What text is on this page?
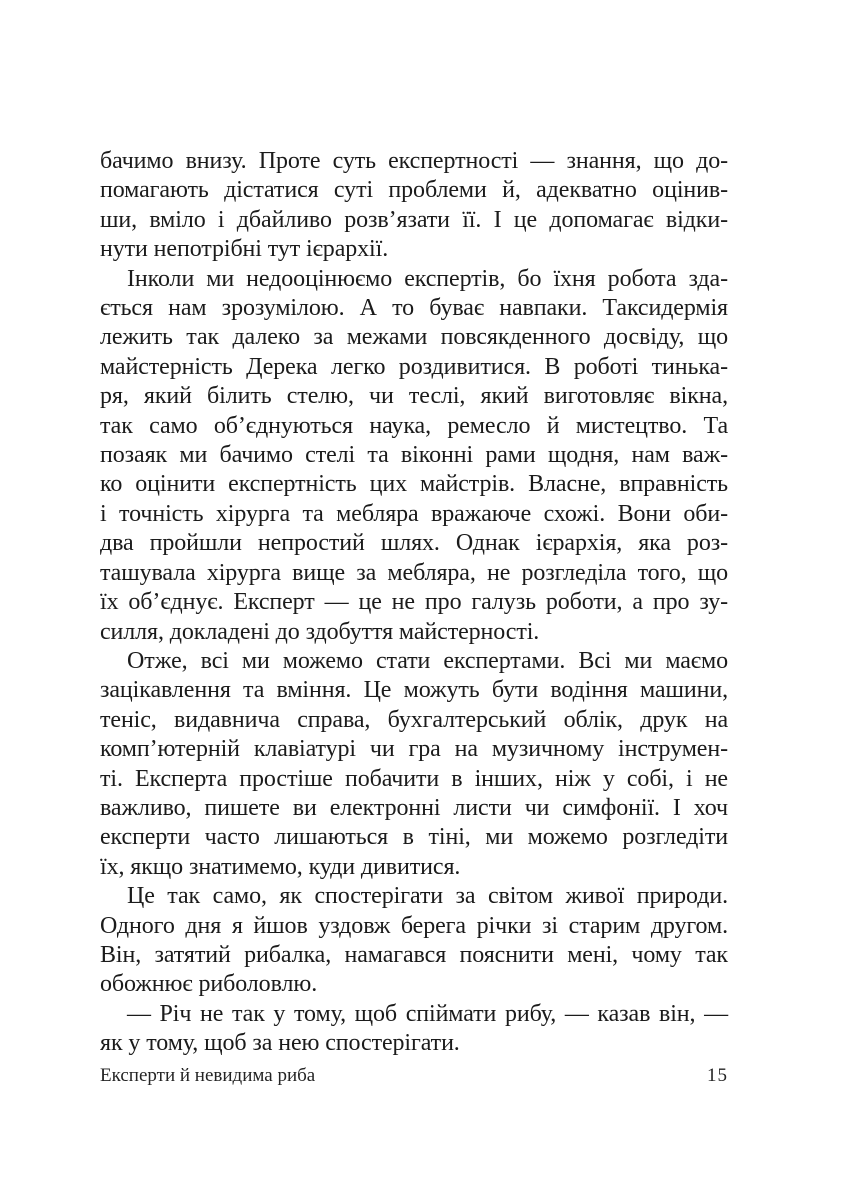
бачимо внизу. Проте суть експертності — знання, що до-
помагають дістатися суті проблеми й, адекватно оцінив-
ши, вміло і дбайливо розв’язати її. І це допомагає відки-
нути непотрібні тут ієрархії.

Інколи ми недооцінюємо експертів, бо їхня робота зда-
ється нам зрозумілою. А то буває навпаки. Таксидермія
лежить так далеко за межами повсякденного досвіду, що
майстерність Дерека легко роздивитися. В роботі тинька-
ря, який білить стелю, чи теслі, який виготовляє вікна,
так само об’єднуються наука, ремесло й мистецтво. Та
позаяк ми бачимо стелі та віконні рами щодня, нам важ-
ко оцінити експертність цих майстрів. Власне, вправність
і точність хірурга та мебляра вражаюче схожі. Вони оби-
два пройшли непростий шлях. Однак ієрархія, яка роз-
ташувала хірурга вище за мебляра, не розгледіла того, що
їх об’єднує. Експерт — це не про галузь роботи, а про зу-
силля, докладені до здобуття майстерності.

Отже, всі ми можемо стати експертами. Всі ми маємо
зацікавлення та вміння. Це можуть бути водіння машини,
теніс, видавнича справа, бухгалтерський облік, друк на
комп’ютерній клавіатурі чи гра на музичному інструмен-
ті. Експерта простіше побачити в інших, ніж у собі, і не
важливо, пишете ви електронні листи чи симфонії. І хоч
експерти часто лишаються в тіні, ми можемо розгледіти
їх, якщо знатимемо, куди дивитися.

Це так само, як спостерігати за світом живої природи.
Одного дня я йшов уздовж берега річки зі старим другом.
Він, затятий рибалка, намагався пояснити мені, чому так
обожнює риболовлю.

— Річ не так у тому, щоб спіймати рибу, — казав він, —
як у тому, щоб за нею спостерігати.

Експерти й невидима риба	15
